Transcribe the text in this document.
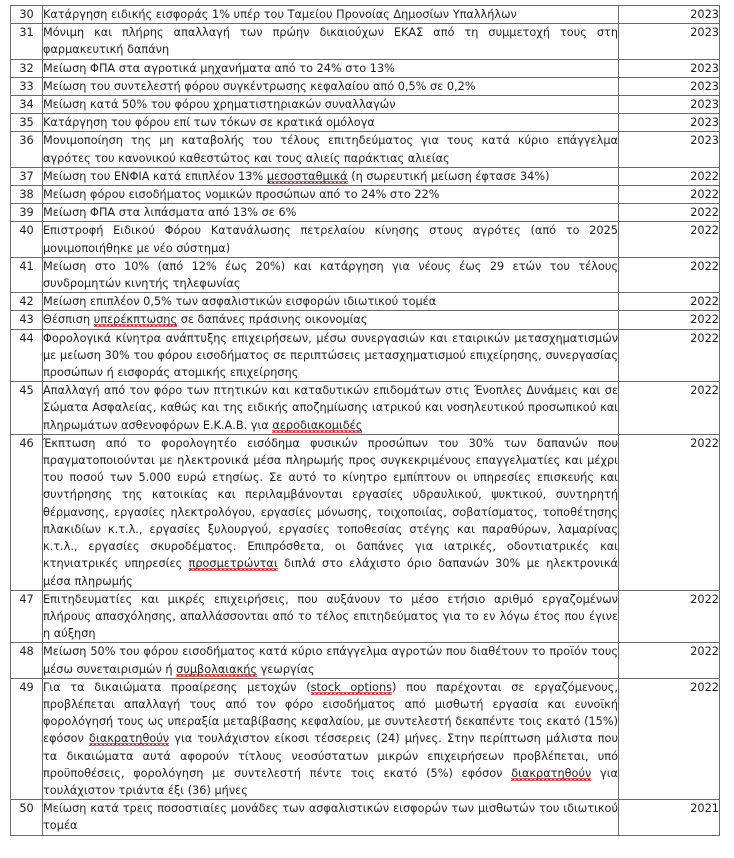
30	Κατάργηση ειδικής εισφοράς 1% υπέρ του Ταμείου Προνοίας Δημοσίων Υπαλλήλων	2023
31	Μόνιμη και πλήρης απαλλαγή των πρώην δικαιούχων ΕΚΑΣ από τη συμμετοχή τους στη φαρμακευτική δαπάνη	2023
32	Μείωση ΦΠΑ στα αγροτικά μηχανήματα από το 24% στο 13%	2023
33	Μείωση του συντελεστή φόρου συγκέντρωσης κεφαλαίου από 0,5% σε 0,2%	2023
34	Μείωση κατά 50% του φόρου χρηματιστηριακών συναλλαγών	2023
35	Κατάργηση του φόρου επί των τόκων σε κρατικά ομόλογα	2023
36	Μονιμοποίηση της μη καταβολής του τέλους επιτηδεύματος για τους κατά κύριο επάγγελμα αγρότες του κανονικού καθεστώτος και τους αλιείς παράκτιας αλιείας	2023
37	Μείωση του ΕΝΦΙΑ κατά επιπλέον 13% μεσοσταθμικά (η σωρευτική μείωση έφτασε 34%)	2022
38	Μείωση φόρου εισοδήματος νομικών προσώπων από το 24% στο 22%	2022
39	Μείωση ΦΠΑ στα λιπάσματα από 13% σε 6%	2022
40	Επιστροφή Ειδικού Φόρου Κατανάλωσης πετρελαίου κίνησης στους αγρότες (από το 2025 μονιμοποιήθηκε με νέο σύστημα)	2022
41	Μείωση στο 10% (από 12% έως 20%) και κατάργηση για νέους έως 29 ετών του τέλους συνδρομητών κινητής τηλεφωνίας	2022
42	Μείωση επιπλέον 0,5% των ασφαλιστικών εισφορών ιδιωτικού τομέα	2022
43	Θέσπιση υπερέκπτωσης σε δαπάνες πράσινης οικονομίας	2022
44	Φορολογικά κίνητρα ανάπτυξης επιχειρήσεων, μέσω συνεργασιών και εταιρικών μετασχηματισμών με μείωση 30% του φόρου εισοδήματος σε περιπτώσεις μετασχηματισμού επιχείρησης, συνεργασίας προσώπων ή εισφοράς ατομικής επιχείρησης	2022
45	Απαλλαγή από τον φόρο των πτητικών και καταδυτικών επιδομάτων στις Ένοπλες Δυνάμεις και σε Σώματα Ασφαλείας, καθώς και της ειδικής αποζημίωσης ιατρικού και νοσηλευτικού προσωπικού και πληρωμάτων ασθενοφόρων Ε.Κ.Α.Β. για αεροδιακομιδές	2022
46	Έκπτωση από το φορολογητέο εισόδημα φυσικών προσώπων του 30% των δαπανών που πραγματοποιούνται με ηλεκτρονικά μέσα πληρωμής προς συγκεκριμένους επαγγελματίες και μέχρι του ποσού των 5.000 ευρώ ετησίως. Σε αυτό το κίνητρο εμπίπτουν οι υπηρεσίες επισκευής και συντήρησης της κατοικίας και περιλαμβάνονται εργασίες υδραυλικού, ψυκτικού, συντηρητή θέρμανσης, εργασίες ηλεκτρολόγου, εργασίες μόνωσης, τοιχοποιίας, σοβατίσματος, τοποθέτησης πλακιδίων κ.τ.λ., εργασίες ξυλουργού, εργασίες τοποθεσίας στέγης και παραθύρων, λαμαρίνας κ.τ.λ., εργασίες σκυροδέματος. Επιπρόσθετα, οι δαπάνες για ιατρικές, οδοντιατρικές και κτηνιατρικές υπηρεσίες προσμετρώνται διπλά στο ελάχιστο όριο δαπανών 30% με ηλεκτρονικά μέσα πληρωμής	2022
47	Επιτηδευματίες και μικρές επιχειρήσεις, που αυξάνουν το μέσο ετήσιο αριθμό εργαζομένων πλήρους απασχόλησης, απαλλάσσονται από το τέλος επιτηδεύματος για το εν λόγω έτος που έγινε η αύξηση	2022
48	Μείωση 50% του φόρου εισοδήματος κατά κύριο επάγγελμα αγροτών που διαθέτουν το προϊόν τους μέσω συνεταιρισμών ή συμβολαιακής γεωργίας	2022
49	Για τα δικαιώματα προαίρεσης μετοχών (stock options) που παρέχονται σε εργαζόμενους, προβλέπεται απαλλαγή τους από τον φόρο εισοδήματος από μισθωτή εργασία και ευνοϊκή φορολόγησή τους ως υπεραξία μεταβίβασης κεφαλαίου, με συντελεστή δεκαπέντε τοις εκατό (15%) εφόσον διακρατηθούν για τουλάχιστον είκοσι τέσσερεις (24) μήνες. Στην περίπτωση μάλιστα που τα δικαιώματα αυτά αφορούν τίτλους νεοσύστατων μικρών επιχειρήσεων προβλέπεται, υπό προϋποθέσεις, φορολόγηση με συντελεστή πέντε τοις εκατό (5%) εφόσον διακρατηθούν για τουλάχιστον τριάντα έξι (36) μήνες	2022
50	Μείωση κατά τρεις ποσοστιαίες μονάδες των ασφαλιστικών εισφορών των μισθωτών του ιδιωτικού τομέα	2021
